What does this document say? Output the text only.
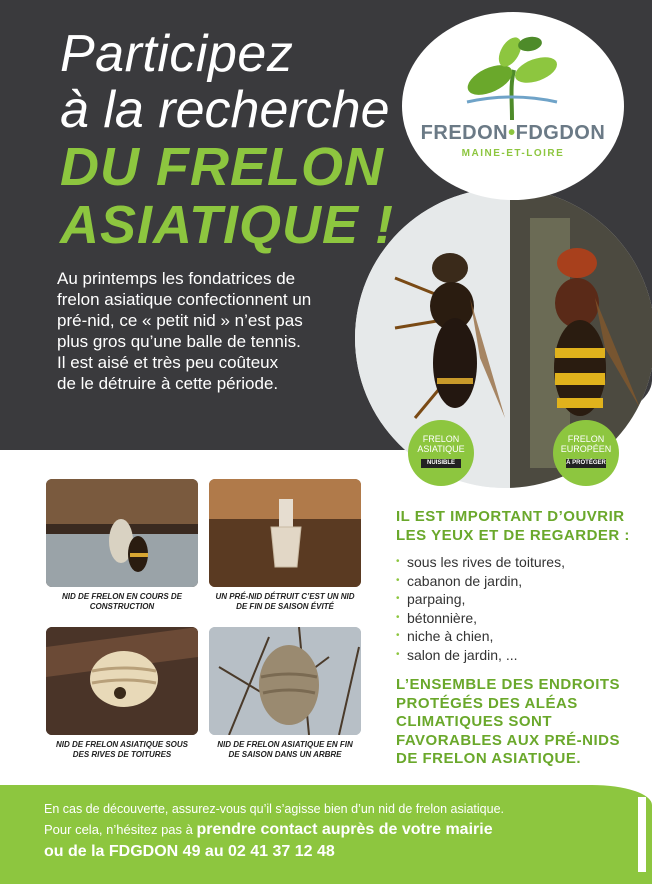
Participez
à la recherche
DU FRELON
ASIATIQUE !
Au printemps les fondatrices de
frelon asiatique confectionnent un
pré-nid, ce « petit nid » n’est pas
plus gros qu’une balle de tennis.
Il est aisé et très peu coûteux
de le détruire à cette période.
FREDON•FDGDON
MAINE-ET-LOIRE
FRELON
ASIATIQUE
NUISIBLE
FRELON
EUROPÉEN
À PROTÉGER
NID DE FRELON EN COURS DE
CONSTRUCTION
UN PRÉ-NID DÉTRUIT C’EST UN NID
DE FIN DE SAISON ÉVITÉ
NID DE FRELON ASIATIQUE SOUS
DES RIVES DE TOITURES
NID DE FRELON ASIATIQUE EN FIN
DE SAISON DANS UN ARBRE
IL EST IMPORTANT D’OUVRIR
LES YEUX ET DE REGARDER :
• sous les rives de toitures,
• cabanon de jardin,
• parpaing,
• bétonnière,
• niche à chien,
• salon de jardin, ...
L’ENSEMBLE DES ENDROITS
PROTÉGÉS DES ALÉAS
CLIMATIQUES SONT
FAVORABLES AUX PRÉ-NIDS
DE FRELON ASIATIQUE.
En cas de découverte, assurez-vous qu’il s’agisse bien d’un nid de frelon asiatique.
Pour cela, n’hésitez pas à prendre contact auprès de votre mairie
ou de la FDGDON 49 au 02 41 37 12 48
